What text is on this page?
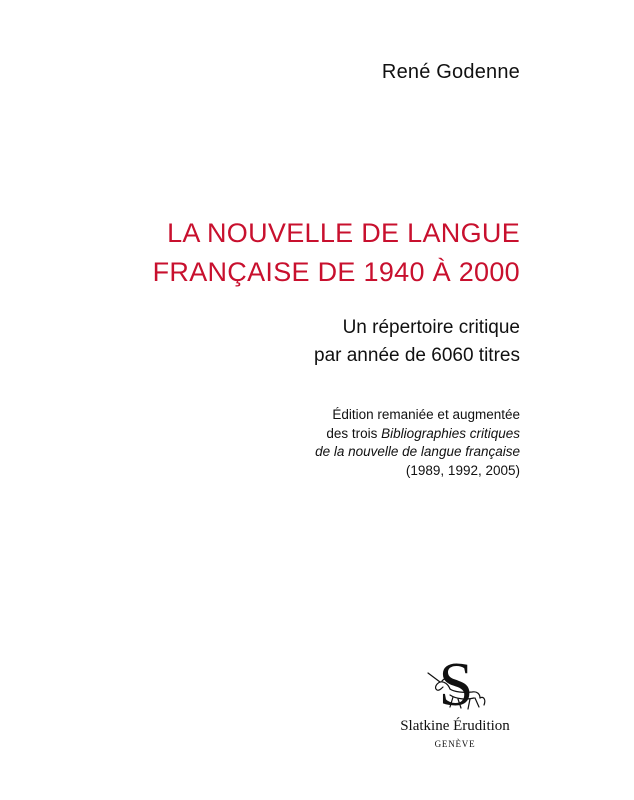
René Godenne
LA NOUVELLE DE LANGUE
FRANÇAISE DE 1940 À 2000
Un répertoire critique
par année de 6060 titres
Édition remaniée et augmentée
des trois Bibliographies critiques
de la nouvelle de langue française
(1989, 1992, 2005)
S
Slatkine Érudition
GENÈVE
